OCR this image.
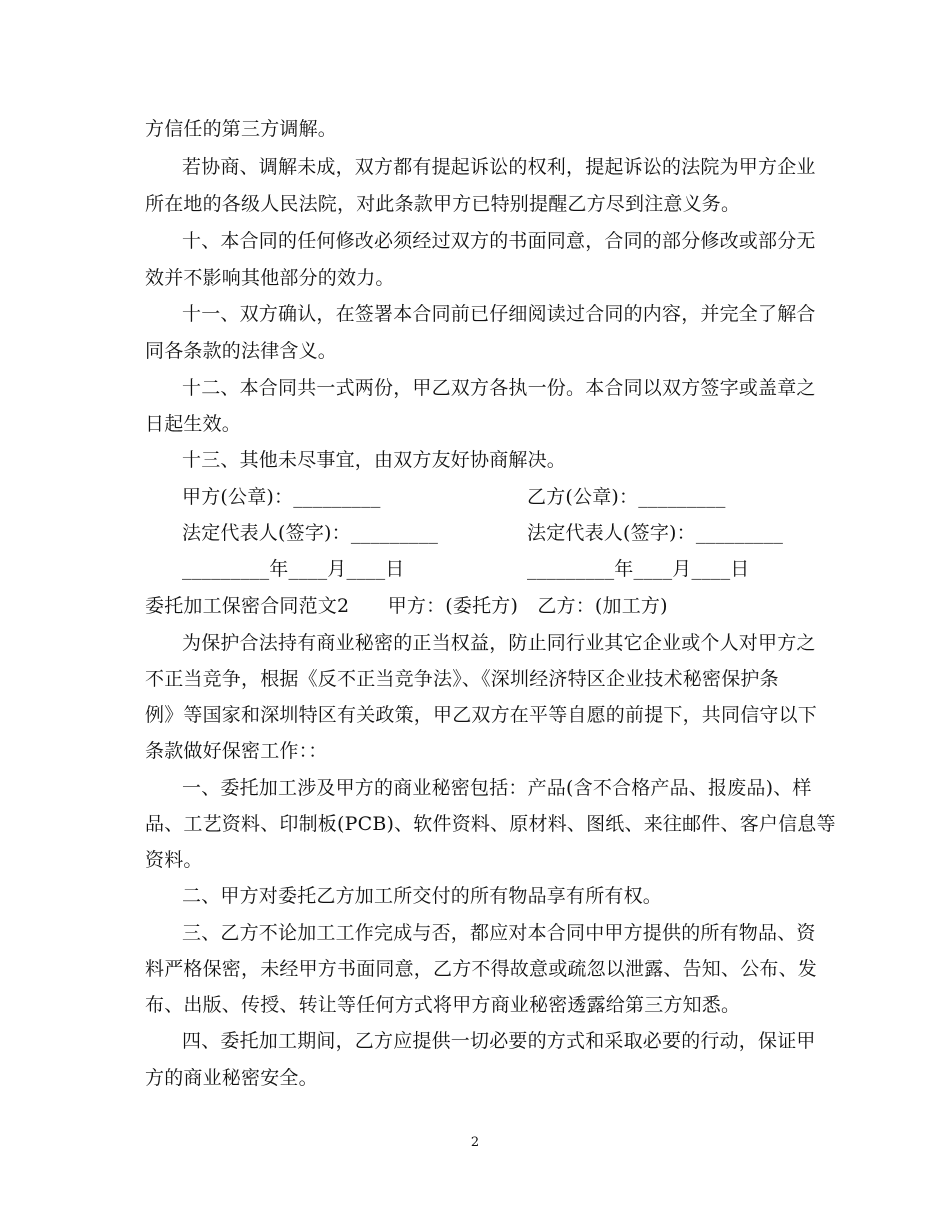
方信任的第三方调解。
若协商、调解未成，双方都有提起诉讼的权利，提起诉讼的法院为甲方企业
所在地的各级人民法院，对此条款甲方已特别提醒乙方尽到注意义务。
十、本合同的任何修改必须经过双方的书面同意，合同的部分修改或部分无
效并不影响其他部分的效力。
十一、双方确认，在签署本合同前已仔细阅读过合同的内容，并完全了解合
同各条款的法律含义。
十二、本合同共一式两份，甲乙双方各执一份。本合同以双方签字或盖章之
日起生效。
十三、其他未尽事宜，由双方友好协商解决。
甲方(公章)：_________	乙方(公章)：_________
法定代表人(签字)：_________	法定代表人(签字)：_________
_________年____月____日	_________年____月____日
委托加工保密合同范文2　　甲方：(委托方)　乙方：(加工方)
为保护合法持有商业秘密的正当权益，防止同行业其它企业或个人对甲方之
不正当竞争，根据《反不正当竞争法》、《深圳经济特区企业技术秘密保护条
例》等国家和深圳特区有关政策，甲乙双方在平等自愿的前提下，共同信守以下
条款做好保密工作：：
一、委托加工涉及甲方的商业秘密包括：产品(含不合格产品、报废品)、样
品、工艺资料、印制板(PCB)、软件资料、原材料、图纸、来往邮件、客户信息等
资料。
二、甲方对委托乙方加工所交付的所有物品享有所有权。
三、乙方不论加工工作完成与否，都应对本合同中甲方提供的所有物品、资
料严格保密，未经甲方书面同意，乙方不得故意或疏忽以泄露、告知、公布、发
布、出版、传授、转让等任何方式将甲方商业秘密透露给第三方知悉。
四、委托加工期间，乙方应提供一切必要的方式和采取必要的行动，保证甲
方的商业秘密安全。
2
